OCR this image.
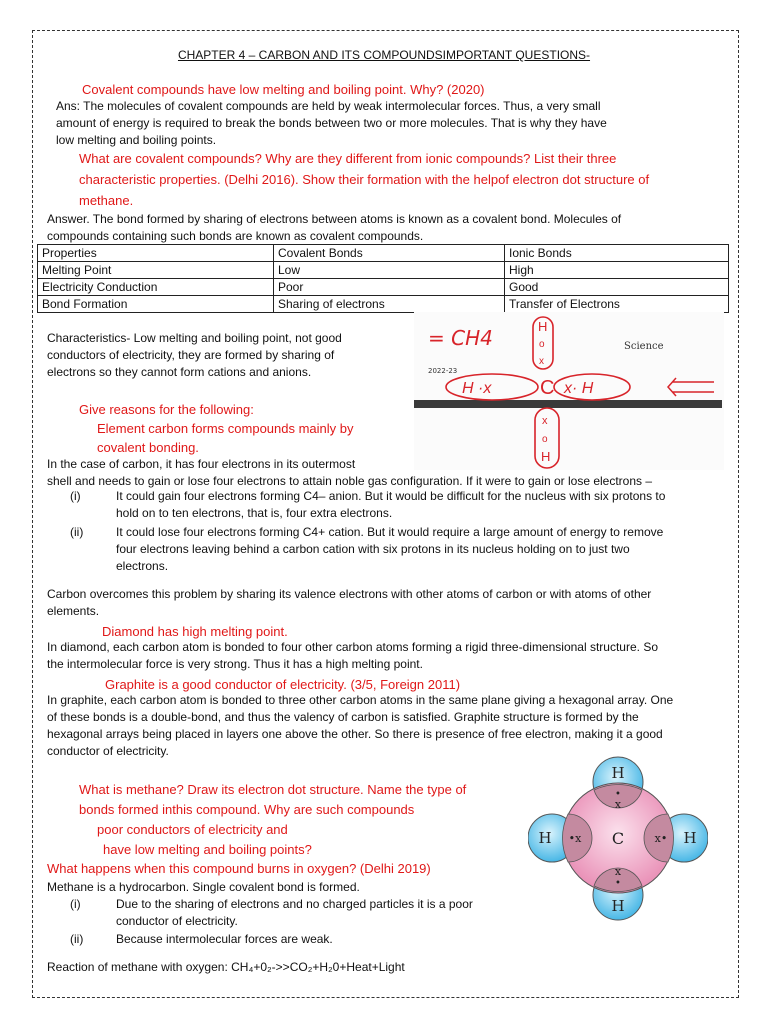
CHAPTER 4 – CARBON AND ITS COMPOUNDSIMPORTANT QUESTIONS-

Covalent compounds have low melting and boiling point. Why? (2020)

Ans: The molecules of covalent compounds are held by weak intermolecular forces. Thus, a very small
amount of energy is required to break the bonds between two or more molecules. That is why they have
low melting and boiling points.
What are covalent compounds? Why are they different from ionic compounds? List their three
characteristic properties. (Delhi 2016). Show their formation with the helpof electron dot structure of
methane.
Answer. The bond formed by sharing of electrons between atoms is known as a covalent bond. Molecules of
compounds containing such bonds are known as covalent compounds.
Properties	Covalent Bonds	Ionic Bonds
Melting Point	Low	High
Electricity Conduction	Poor	Good
Bond Formation	Sharing of electrons	Transfer of Electrons
Characteristics- Low melting and boiling point, not good
conductors of electricity, they are formed by sharing of
electrons so they cannot form cations and anions.
Science
2022-23
= CH4	H
o
x
H ·x C x· H
x
o
H
Give reasons for the following:
Element carbon forms compounds mainly by
covalent bonding.
In the case of carbon, it has four electrons in its outermost
shell and needs to gain or lose four electrons to attain noble gas configuration. If it were to gain or lose electrons –
(i)	It could gain four electrons forming C4– anion. But it would be difficult for the nucleus with six protons to
hold on to ten electrons, that is, four extra electrons.
(ii)	It could lose four electrons forming C4+ cation. But it would require a large amount of energy to remove
four electrons leaving behind a carbon cation with six protons in its nucleus holding on to just two
electrons.
Carbon overcomes this problem by sharing its valence electrons with other atoms of carbon or with atoms of other
elements.

Diamond has high melting point.

In diamond, each carbon atom is bonded to four other carbon atoms forming a rigid three-dimensional structure. So
the intermolecular force is very strong. Thus it has a high melting point.

Graphite is a good conductor of electricity. (3/5, Foreign 2011)

In graphite, each carbon atom is bonded to three other carbon atoms in the same plane giving a hexagonal array. One
of these bonds is a double-bond, and thus the valency of carbon is satisfied. Graphite structure is formed by the
hexagonal arrays being placed in layers one above the other. So there is presence of free electron, making it a good
conductor of electricity.
What is methane? Draw its electron dot structure. Name the type of
bonds formed inthis compound. Why are such compounds
poor conductors of electricity and
have low melting and boiling points?
What happens when this compound burns in oxygen? (Delhi 2019)
Methane is a hydrocarbon. Single covalent bond is formed.
(i)	Due to the sharing of electrons and no charged particles it is a poor
conductor of electricity.
(ii)	Because intermolecular forces are weak.
Reaction of methane with oxygen: CH₄+0₂->>CO₂+H₂0+Heat+Light
H
H
H	H
C
•
x
x
•
•x	x•
